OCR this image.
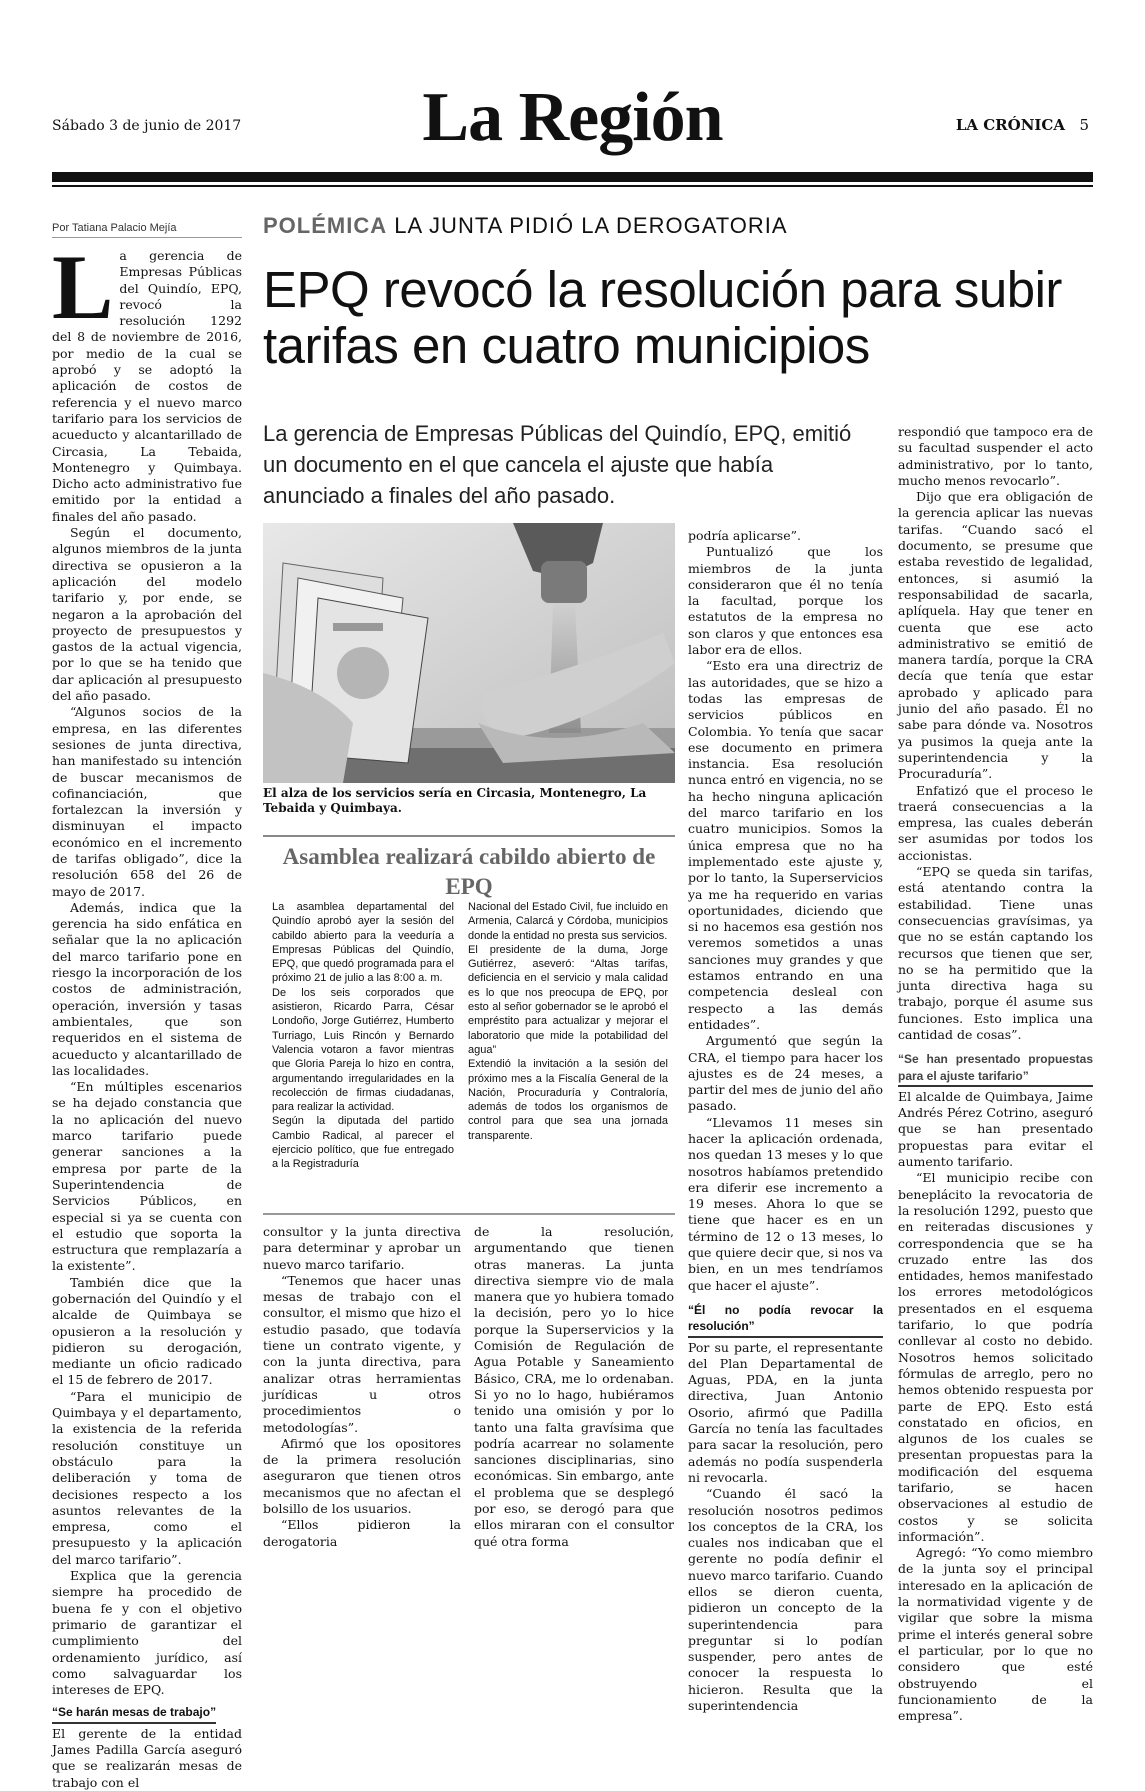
Sábado 3 de junio de 2017	La Región	LA CRÓNICA 5
Por Tatiana Palacio Mejía

La gerencia de Empresas Públicas del Quindío, EPQ, revocó la resolución 1292 del 8 de noviembre de 2016, por medio de la cual se aprobó y se adoptó la aplicación de costos de referencia y el nuevo marco tarifario para los servicios de acueducto y alcantarillado de Circasia, La Tebaida, Montenegro y Quimbaya. Dicho acto administrativo fue emitido por la entidad a finales del año pasado.

Según el documento, algunos miembros de la junta directiva se opusieron a la aplicación del modelo tarifario y, por ende, se negaron a la aprobación del proyecto de presupuestos y gastos de la actual vigencia, por lo que se ha tenido que dar aplicación al presupuesto del año pasado.

“Algunos socios de la empresa, en las diferentes sesiones de junta directiva, han manifestado su intención de buscar mecanismos de cofinanciación, que fortalezcan la inversión y disminuyan el impacto económico en el incremento de tarifas obligado”, dice la resolución 658 del 26 de mayo de 2017.

Además, indica que la gerencia ha sido enfática en señalar que la no aplicación del marco tarifario pone en riesgo la incorporación de los costos de administración, operación, inversión y tasas ambientales, que son requeridos en el sistema de acueducto y alcantarillado de las localidades.

“En múltiples escenarios se ha dejado constancia que la no aplicación del nuevo marco tarifario puede generar sanciones a la empresa por parte de la Superintendencia de Servicios Públicos, en especial si ya se cuenta con el estudio que soporta la estructura que remplazaría a la existente”.

También dice que la gobernación del Quindío y el alcalde de Quimbaya se opusieron a la resolución y pidieron su derogación, mediante un oficio radicado el 15 de febrero de 2017.

“Para el municipio de Quimbaya y el departamento, la existencia de la referida resolución constituye un obstáculo para la deliberación y toma de decisiones respecto a los asuntos relevantes de la empresa, como el presupuesto y la aplicación del marco tarifario”.

Explica que la gerencia siempre ha procedido de buena fe y con el objetivo primario de garantizar el cumplimiento del ordenamiento jurídico, así como salvaguardar los intereses de EPQ.

“Se harán mesas de trabajo”

El gerente de la entidad James Padilla García aseguró que se realizarán mesas de trabajo con el

POLÉMICA LA JUNTA PIDIÓ LA DEROGATORIA
EPQ revocó la resolución para subir tarifas en cuatro municipios
La gerencia de Empresas Públicas del Quindío, EPQ, emitió un documento en el que cancela el ajuste que había anunciado a finales del año pasado.
El alza de los servicios sería en Circasia, Montenegro, La Tebaida y Quimbaya.
Asamblea realizará cabildo abierto de EPQ

La asamblea departamental del Quindío aprobó ayer la sesión del cabildo abierto para la veeduría a Empresas Públicas del Quindío, EPQ, que quedó programada para el próximo 21 de julio a las 8:00 a. m.

De los seis corporados que asistieron, Ricardo Parra, César Londoño, Jorge Gutiérrez, Humberto Turriago, Luis Rincón y Bernardo Valencia votaron a favor mientras que Gloria Pareja lo hizo en contra, argumentando irregularidades en la recolección de firmas ciudadanas, para realizar la actividad.

Según la diputada del partido Cambio Radical, al parecer el ejercicio político, que fue entregado a la Registraduría

Nacional del Estado Civil, fue incluido en Armenia, Calarcá y Córdoba, municipios donde la entidad no presta sus servicios.

El presidente de la duma, Jorge Gutiérrez, aseveró: “Altas tarifas, deficiencia en el servicio y mala calidad es lo que nos preocupa de EPQ, por esto al señor gobernador se le aprobó el empréstito para actualizar y mejorar el laboratorio que mide la potabilidad del agua”

Extendió la invitación a la sesión del próximo mes a la Fiscalía General de la Nación, Procuraduría y Contraloría, además de todos los organismos de control para que sea una jornada transparente.

consultor y la junta directiva para determinar y aprobar un nuevo marco tarifario.

“Tenemos que hacer unas mesas de trabajo con el consultor, el mismo que hizo el estudio pasado, que todavía tiene un contrato vigente, y con la junta directiva, para analizar otras herramientas jurídicas u otros procedimientos o metodologías”.

Afirmó que los opositores de la primera resolución aseguraron que tienen otros mecanismos que no afectan el bolsillo de los usuarios.

“Ellos pidieron la derogatoria

de la resolución, argumentando que tienen otras maneras. La junta directiva siempre vio de mala manera que yo hubiera tomado la decisión, pero yo lo hice porque la Superservicios y la Comisión de Regulación de Agua Potable y Saneamiento Básico, CRA, me lo ordenaban. Si yo no lo hago, hubiéramos tenido una omisión y por lo tanto una falta gravísima que podría acarrear no solamente sanciones disciplinarias, sino económicas. Sin embargo, ante el problema que se desplegó por eso, se derogó para que ellos miraran con el consultor qué otra forma

podría aplicarse”.

Puntualizó que los miembros de la junta consideraron que él no tenía la facultad, porque los estatutos de la empresa no son claros y que entonces esa labor era de ellos.

“Esto era una directriz de las autoridades, que se hizo a todas las empresas de servicios públicos en Colombia. Yo tenía que sacar ese documento en primera instancia. Esa resolución nunca entró en vigencia, no se ha hecho ninguna aplicación del marco tarifario en los cuatro municipios. Somos la única empresa que no ha implementado este ajuste y, por lo tanto, la Superservicios ya me ha requerido en varias oportunidades, diciendo que si no hacemos esa gestión nos veremos sometidos a unas sanciones muy grandes y que estamos entrando en una competencia desleal con respecto a las demás entidades”.

Argumentó que según la CRA, el tiempo para hacer los ajustes es de 24 meses, a partir del mes de junio del año pasado.

“Llevamos 11 meses sin hacer la aplicación ordenada, nos quedan 13 meses y lo que nosotros habíamos pretendido era diferir ese incremento a 19 meses. Ahora lo que se tiene que hacer es en un término de 12 o 13 meses, lo que quiere decir que, si nos va bien, en un mes tendríamos que hacer el ajuste”.

“Él no podía revocar la resolución”

Por su parte, el representante del Plan Departamental de Aguas, PDA, en la junta directiva, Juan Antonio Osorio, afirmó que Padilla García no tenía las facultades para sacar la resolución, pero además no podía suspenderla ni revocarla.

“Cuando él sacó la resolución nosotros pedimos los conceptos de la CRA, los cuales nos indicaban que el gerente no podía definir el nuevo marco tarifario. Cuando ellos se dieron cuenta, pidieron un concepto de la superintendencia para preguntar si lo podían suspender, pero antes de conocer la respuesta lo hicieron. Resulta que la superintendencia

respondió que tampoco era de su facultad suspender el acto administrativo, por lo tanto, mucho menos revocarlo”.

Dijo que era obligación de la gerencia aplicar las nuevas tarifas. “Cuando sacó el documento, se presume que estaba revestido de legalidad, entonces, si asumió la responsabilidad de sacarla, aplíquela. Hay que tener en cuenta que ese acto administrativo se emitió de manera tardía, porque la CRA decía que tenía que estar aprobado y aplicado para junio del año pasado. Él no sabe para dónde va. Nosotros ya pusimos la queja ante la superintendencia y la Procuraduría”.

Enfatizó que el proceso le traerá consecuencias a la empresa, las cuales deberán ser asumidas por todos los accionistas.

“EPQ se queda sin tarifas, está atentando contra la estabilidad. Tiene unas consecuencias gravísimas, ya que no se están captando los recursos que tienen que ser, no se ha permitido que la junta directiva haga su trabajo, porque él asume sus funciones. Esto implica una cantidad de cosas”.

“Se han presentado propuestas para el ajuste tarifario”

El alcalde de Quimbaya, Jaime Andrés Pérez Cotrino, aseguró que se han presentado propuestas para evitar el aumento tarifario.

“El municipio recibe con beneplácito la revocatoria de la resolución 1292, puesto que en reiteradas discusiones y correspondencia que se ha cruzado entre las dos entidades, hemos manifestado los errores metodológicos presentados en el esquema tarifario, lo que podría conllevar al costo no debido. Nosotros hemos solicitado fórmulas de arreglo, pero no hemos obtenido respuesta por parte de EPQ. Esto está constatado en oficios, en algunos de los cuales se presentan propuestas para la modificación del esquema tarifario, se hacen observaciones al estudio de costos y se solicita información”.

Agregó: “Yo como miembro de la junta soy el principal interesado en la aplicación de la normatividad vigente y de vigilar que sobre la misma prime el interés general sobre el particular, por lo que no considero que esté obstruyendo el funcionamiento de la empresa”.
